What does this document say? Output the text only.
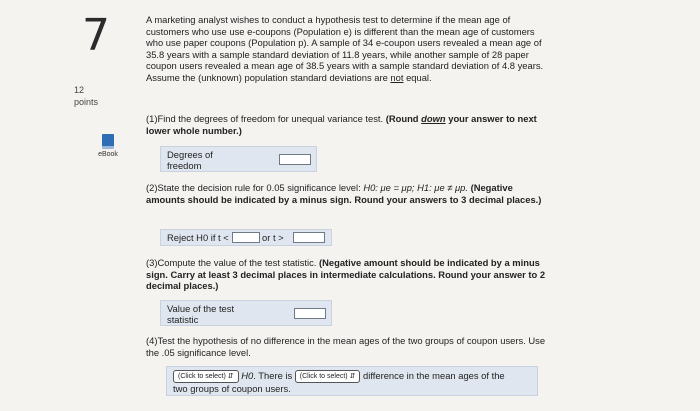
7
12
points
eBook

A marketing analyst wishes to conduct a hypothesis test to determine if the mean age of customers who use use e-coupons (Population e) is different than the mean age of customers who use paper coupons (Population p). A sample of 34 e-coupon users revealed a mean age of 35.8 years with a sample standard deviation of 11.8 years, while another sample of 28 paper coupon users revealed a mean age of 38.5 years with a sample standard deviation of 4.8 years. Assume the (unknown) population standard deviations are not equal.

(1)Find the degrees of freedom for unequal variance test. (Round down your answer to next lower whole number.)
Degrees of
freedom
(2)State the decision rule for 0.05 significance level: H0: μe = μp; H1: μe ≠ μp. (Negative amounts should be indicated by a minus sign. Round your answers to 3 decimal places.)
Reject H0 if t <	or t >
(3)Compute the value of the test statistic. (Negative amount should be indicated by a minus sign. Carry at least 3 decimal places in intermediate calculations. Round your answer to 2 decimal places.)
Value of the test
statistic
(4)Test the hypothesis of no difference in the mean ages of the two groups of coupon users. Use the .05 significance level.
(Click to select) ⇵ H0. There is (Click to select) ⇵ difference in the mean ages of the
two groups of coupon users.
